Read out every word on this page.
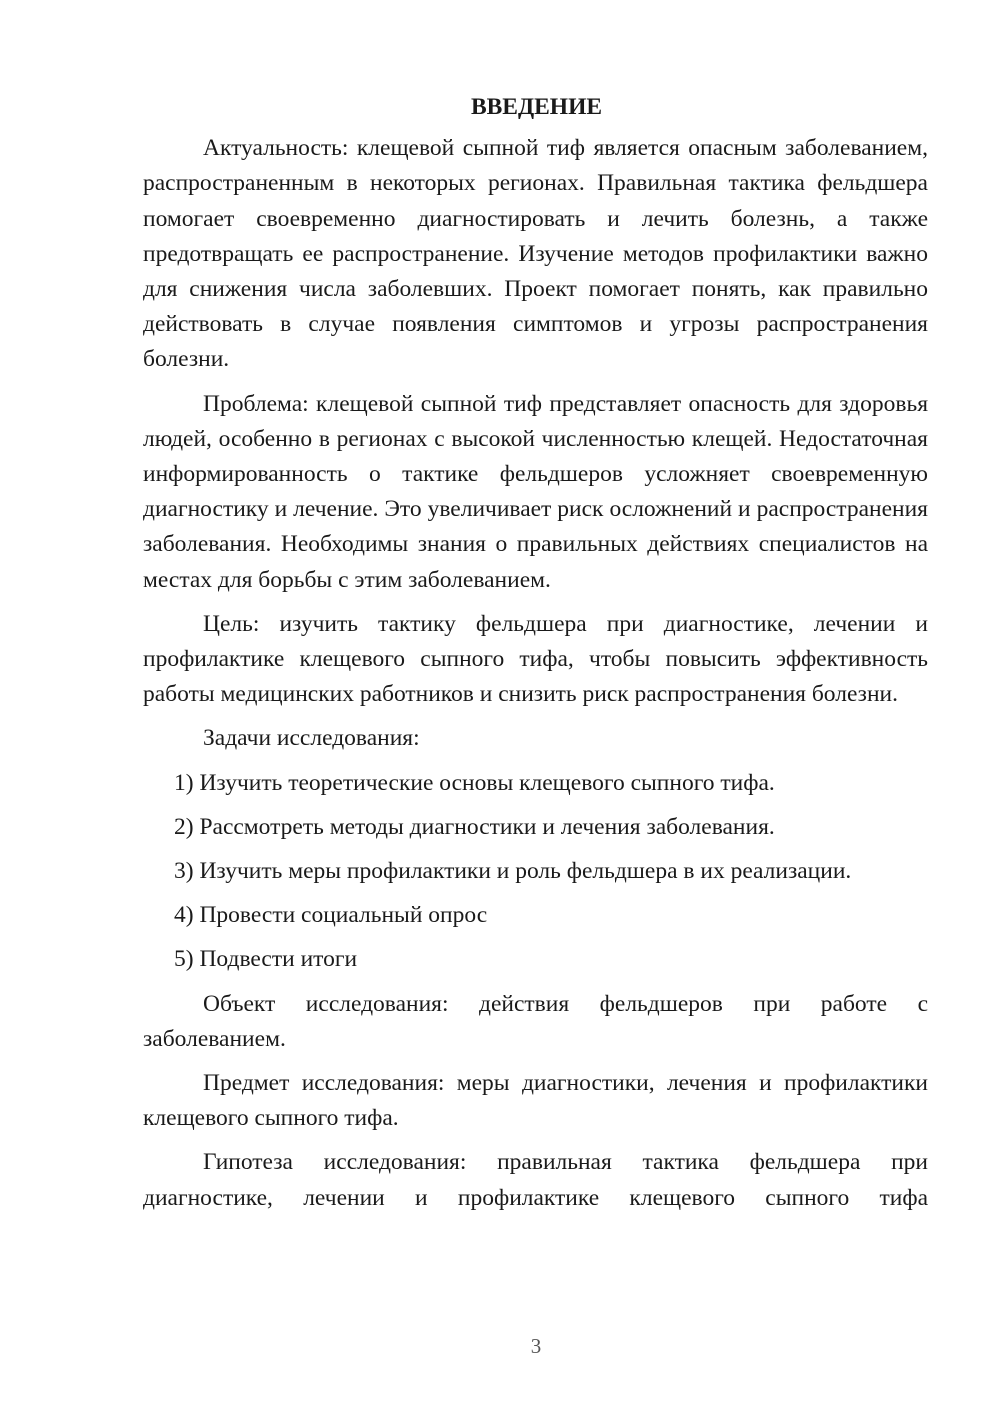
ВВЕДЕНИЕ

Актуальность: клещевой сыпной тиф является опасным заболеванием, распространенным в некоторых регионах. Правильная тактика фельдшера помогает своевременно диагностировать и лечить болезнь, а также предотвращать ее распространение. Изучение методов профилактики важно для снижения числа заболевших. Проект помогает понять, как правильно действовать в случае появления симптомов и угрозы распространения болезни.

Проблема: клещевой сыпной тиф представляет опасность для здоровья людей, особенно в регионах с высокой численностью клещей. Недостаточная информированность о тактике фельдшеров усложняет своевременную диагностику и лечение. Это увеличивает риск осложнений и распространения заболевания. Необходимы знания о правильных действиях специалистов на местах для борьбы с этим заболеванием.

Цель: изучить тактику фельдшера при диагностике, лечении и профилактике клещевого сыпного тифа, чтобы повысить эффективность работы медицинских работников и снизить риск распространения болезни.

Задачи исследования:

1) Изучить теоретические основы клещевого сыпного тифа.

2) Рассмотреть методы диагностики и лечения заболевания.

3) Изучить меры профилактики и роль фельдшера в их реализации.

4) Провести социальный опрос

5) Подвести итоги

Объект исследования: действия фельдшеров при работе с заболеванием.

Предмет исследования: меры диагностики, лечения и профилактики клещевого сыпного тифа.

Гипотеза исследования: правильная тактика фельдшера при диагностике, лечении и профилактике клещевого сыпного тифа

3
